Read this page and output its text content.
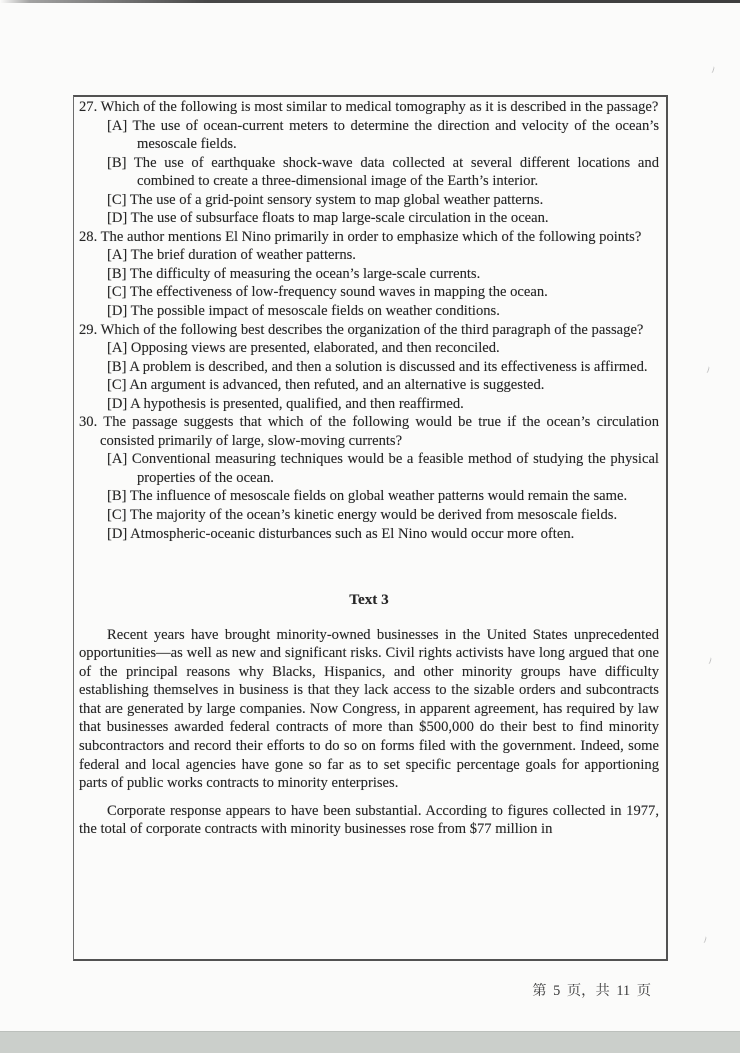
27. Which of the following is most similar to medical tomography as it is described in the passage?
[A] The use of ocean-current meters to determine the direction and velocity of the ocean’s mesoscale fields.
[B] The use of earthquake shock-wave data collected at several different locations and combined to create a three-dimensional image of the Earth’s interior.
[C] The use of a grid-point sensory system to map global weather patterns.
[D] The use of subsurface floats to map large-scale circulation in the ocean.
28. The author mentions El Nino primarily in order to emphasize which of the following points?
[A] The brief duration of weather patterns.
[B] The difficulty of measuring the ocean’s large-scale currents.
[C] The effectiveness of low-frequency sound waves in mapping the ocean.
[D] The possible impact of mesoscale fields on weather conditions.
29. Which of the following best describes the organization of the third paragraph of the passage?
[A] Opposing views are presented, elaborated, and then reconciled.
[B] A problem is described, and then a solution is discussed and its effectiveness is affirmed.
[C] An argument is advanced, then refuted, and an alternative is suggested.
[D] A hypothesis is presented, qualified, and then reaffirmed.
30. The passage suggests that which of the following would be true if the ocean’s circulation consisted primarily of large, slow-moving currents?
[A] Conventional measuring techniques would be a feasible method of studying the physical properties of the ocean.
[B] The influence of mesoscale fields on global weather patterns would remain the same.
[C] The majority of the ocean’s kinetic energy would be derived from mesoscale fields.
[D] Atmospheric-oceanic disturbances such as El Nino would occur more often.
Text 3

Recent years have brought minority-owned businesses in the United States unprecedented opportunities—as well as new and significant risks. Civil rights activists have long argued that one of the principal reasons why Blacks, Hispanics, and other minority groups have difficulty establishing themselves in business is that they lack access to the sizable orders and subcontracts that are generated by large companies. Now Congress, in apparent agreement, has required by law that businesses awarded federal contracts of more than $500,000 do their best to find minority subcontractors and record their efforts to do so on forms filed with the government. Indeed, some federal and local agencies have gone so far as to set specific percentage goals for apportioning parts of public works contracts to minority enterprises.

Corporate response appears to have been substantial. According to figures collected in 1977, the total of corporate contracts with minority businesses rose from $77 million in

第 5 页，共 11 页
